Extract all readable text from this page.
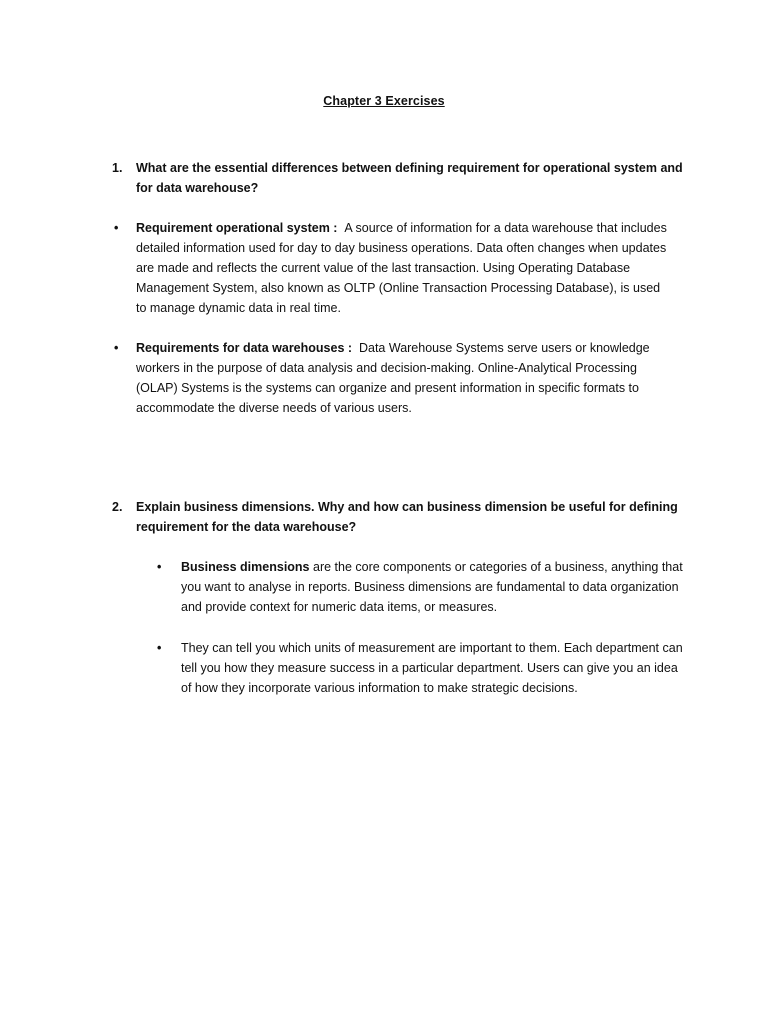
Chapter 3 Exercises
1. What are the essential differences between defining requirement for operational system and for data warehouse?
• Requirement operational system : A source of information for a data warehouse that includes detailed information used for day to day business operations. Data often changes when updates are made and reflects the current value of the last transaction. Using Operating Database Management System, also known as OLTP (Online Transaction Processing Database), is used to manage dynamic data in real time.
• Requirements for data warehouses : Data Warehouse Systems serve users or knowledge workers in the purpose of data analysis and decision-making. Online-Analytical Processing (OLAP) Systems is the systems can organize and present information in specific formats to accommodate the diverse needs of various users.
2. Explain business dimensions. Why and how can business dimension be useful for defining requirement for the data warehouse?
• Business dimensions are the core components or categories of a business, anything that you want to analyse in reports. Business dimensions are fundamental to data organization and provide context for numeric data items, or measures.
• They can tell you which units of measurement are important to them. Each department can tell you how they measure success in a particular department. Users can give you an idea of how they incorporate various information to make strategic decisions.
